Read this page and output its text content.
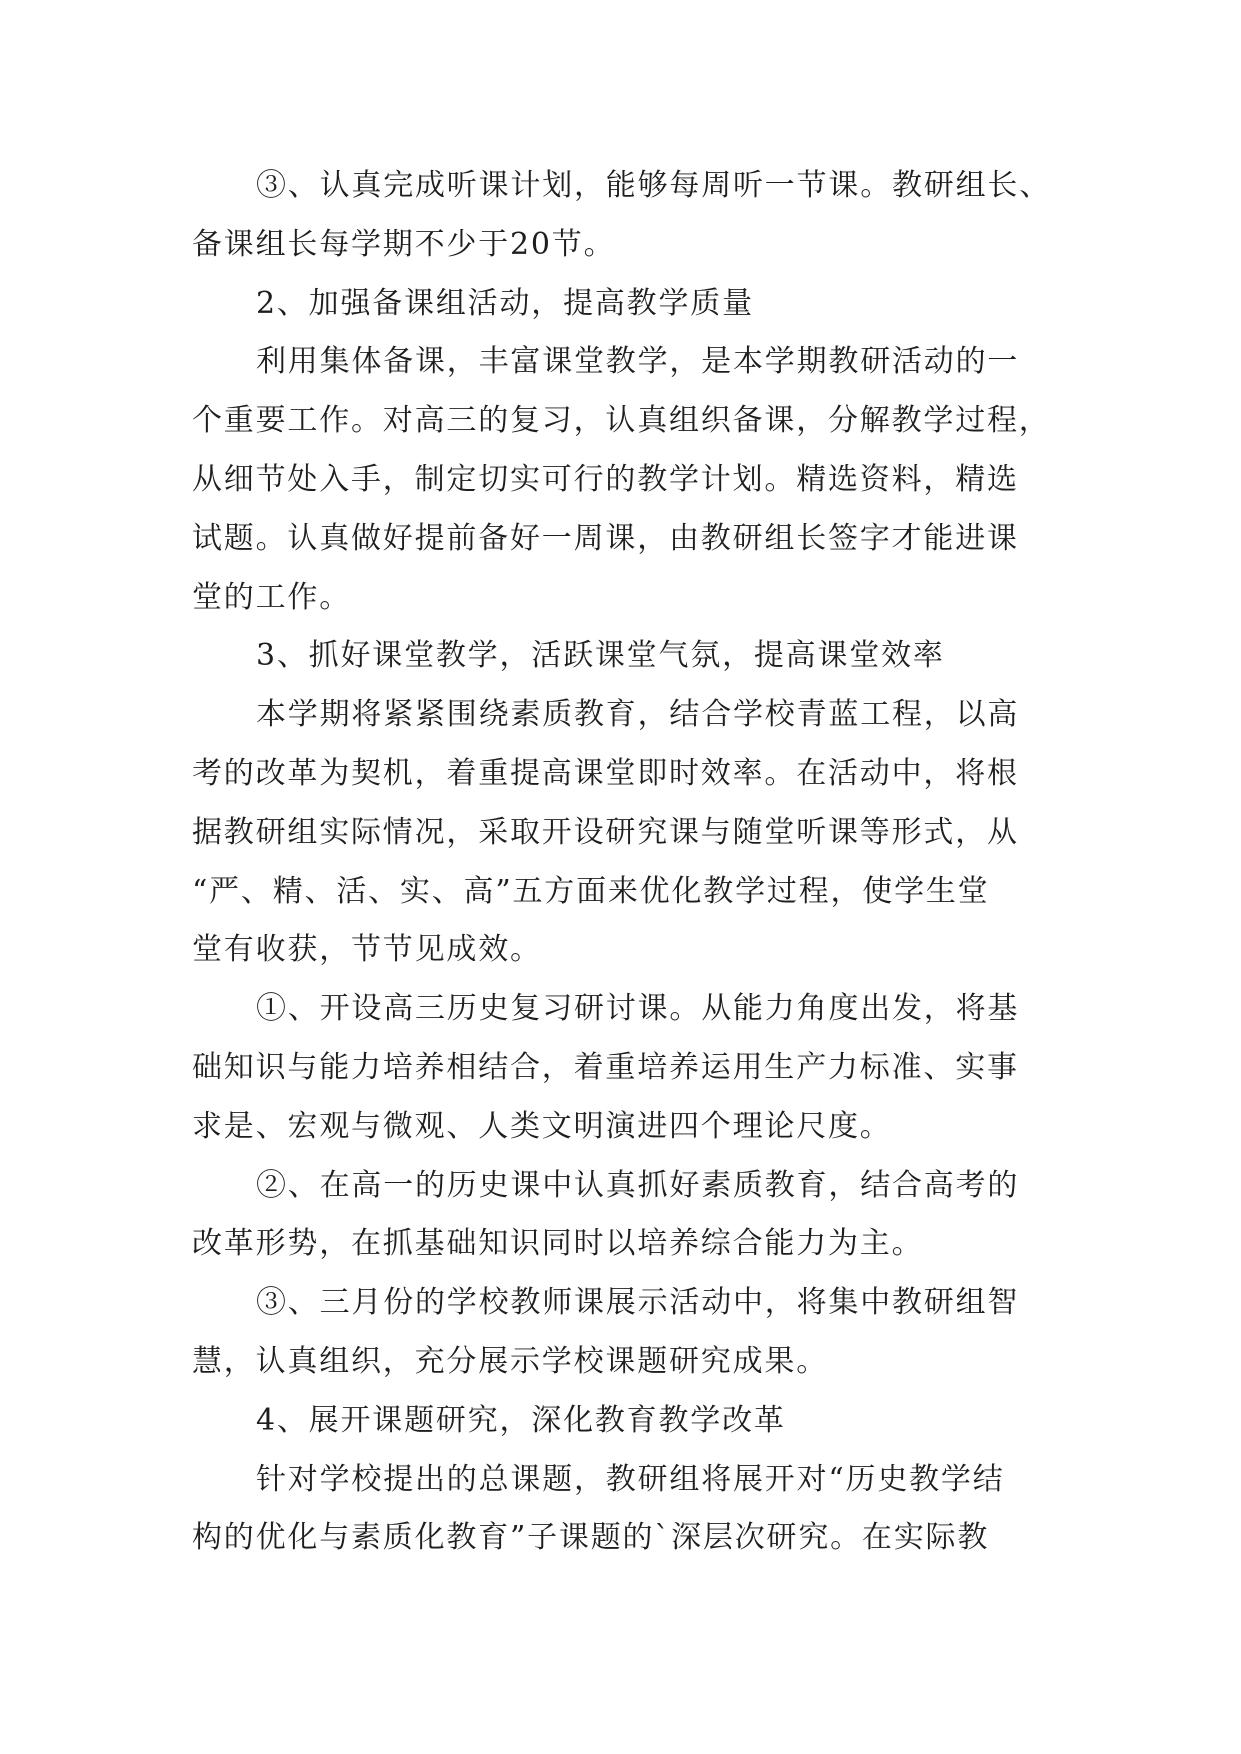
③、认真完成听课计划，能够每周听一节课。教研组长、
备课组长每学期不少于20节。
2、加强备课组活动，提高教学质量
利用集体备课，丰富课堂教学，是本学期教研活动的一
个重要工作。对高三的复习，认真组织备课，分解教学过程，
从细节处入手，制定切实可行的教学计划。精选资料，精选
试题。认真做好提前备好一周课，由教研组长签字才能进课
堂的工作。
3、抓好课堂教学，活跃课堂气氛，提高课堂效率
本学期将紧紧围绕素质教育，结合学校青蓝工程，以高
考的改革为契机，着重提高课堂即时效率。在活动中，将根
据教研组实际情况，采取开设研究课与随堂听课等形式，从
“严、精、活、实、高”五方面来优化教学过程，使学生堂
堂有收获，节节见成效。
①、开设高三历史复习研讨课。从能力角度出发，将基
础知识与能力培养相结合，着重培养运用生产力标准、实事
求是、宏观与微观、人类文明演进四个理论尺度。
②、在高一的历史课中认真抓好素质教育，结合高考的
改革形势，在抓基础知识同时以培养综合能力为主。
③、三月份的学校教师课展示活动中，将集中教研组智
慧，认真组织，充分展示学校课题研究成果。
4、展开课题研究，深化教育教学改革
针对学校提出的总课题，教研组将展开对“历史教学结
构的优化与素质化教育”子课题的`深层次研究。在实际教
